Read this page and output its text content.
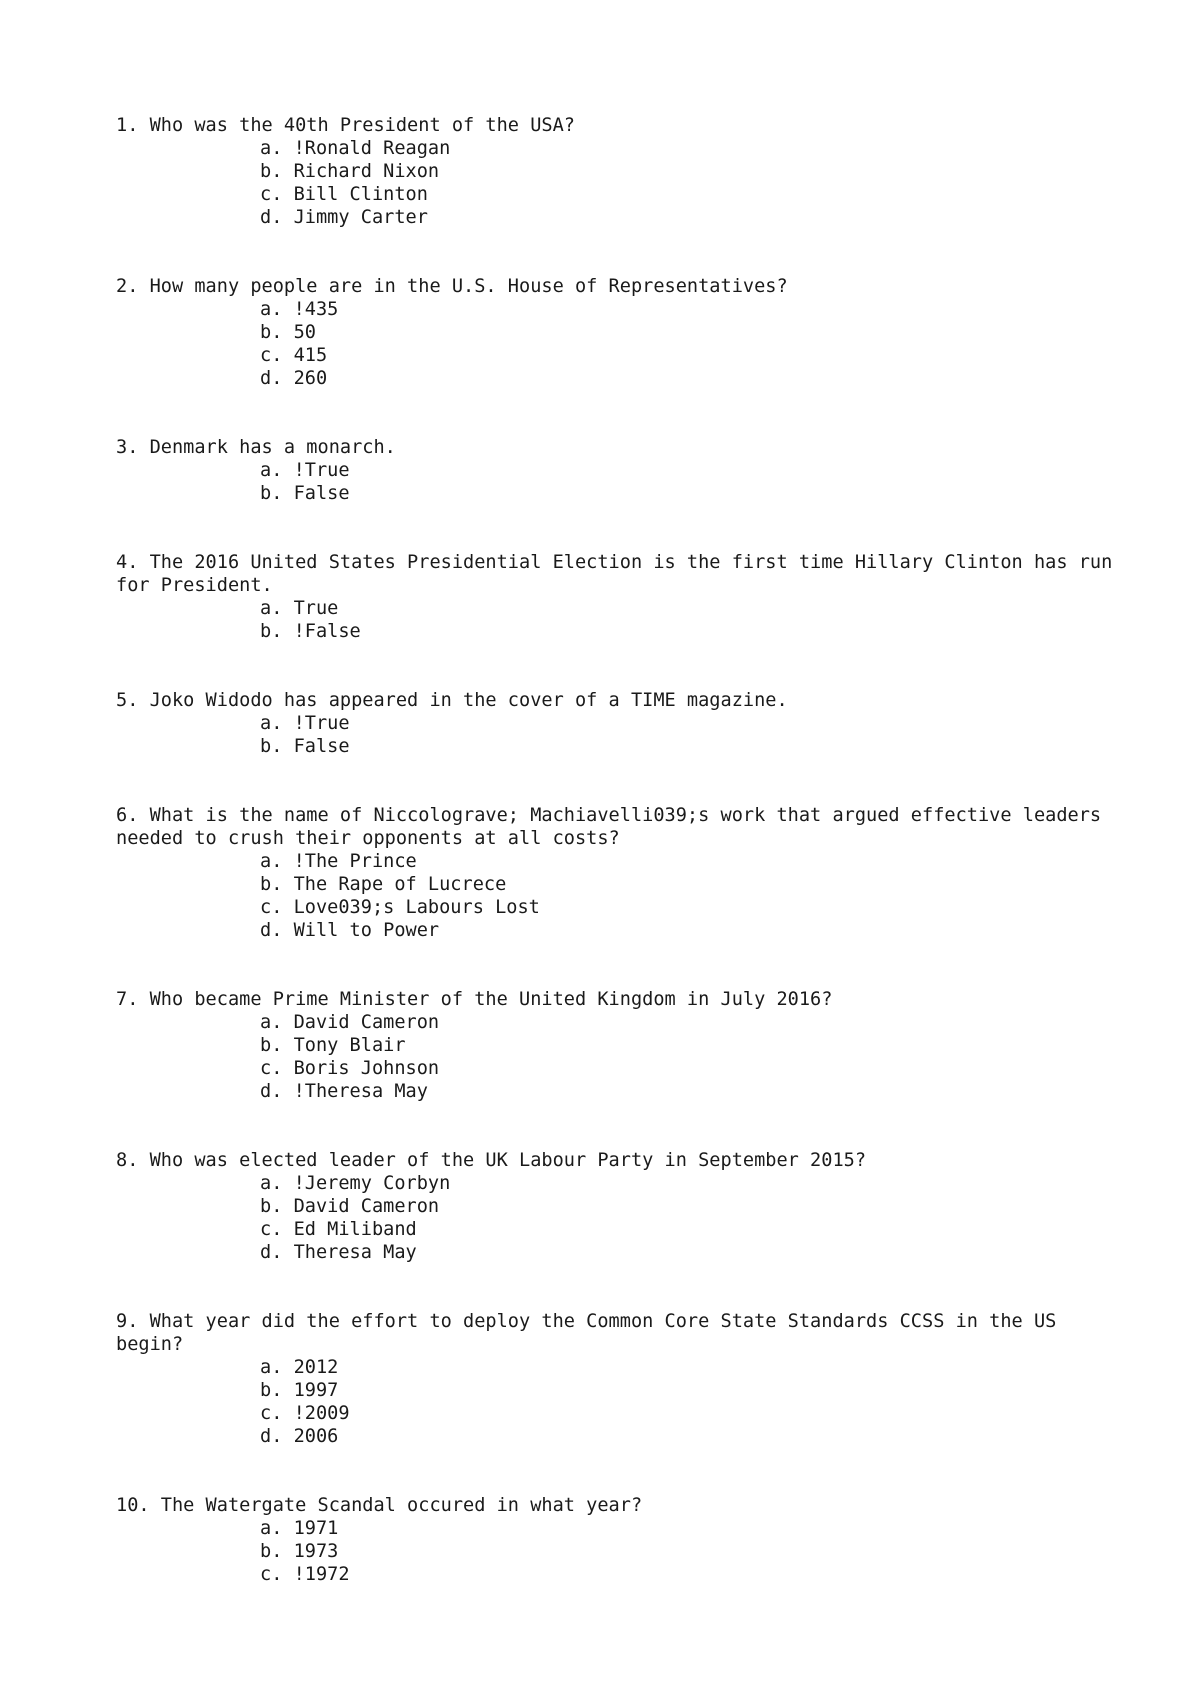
1. Who was the 40th President of the USA?
a. !Ronald Reagan
b. Richard Nixon
c. Bill Clinton
d. Jimmy Carter
2. How many people are in the U.S. House of Representatives?
a. !435
b. 50
c. 415
d. 260
3. Denmark has a monarch.
a. !True
b. False
4. The 2016 United States Presidential Election is the first time Hillary Clinton has run for President.
a. True
b. !False
5. Joko Widodo has appeared in the cover of a TIME magazine.
a. !True
b. False
6. What is the name of Niccolograve; Machiavelli039;s work that argued effective leaders needed to crush their opponents at all costs?
a. !The Prince
b. The Rape of Lucrece
c. Love039;s Labours Lost
d. Will to Power
7. Who became Prime Minister of the United Kingdom in July 2016?
a. David Cameron
b. Tony Blair
c. Boris Johnson
d. !Theresa May
8. Who was elected leader of the UK Labour Party in September 2015?
a. !Jeremy Corbyn
b. David Cameron
c. Ed Miliband
d. Theresa May
9. What year did the effort to deploy the Common Core State Standards CCSS in the US begin?
a. 2012
b. 1997
c. !2009
d. 2006
10. The Watergate Scandal occured in what year?
a. 1971
b. 1973
c. !1972
